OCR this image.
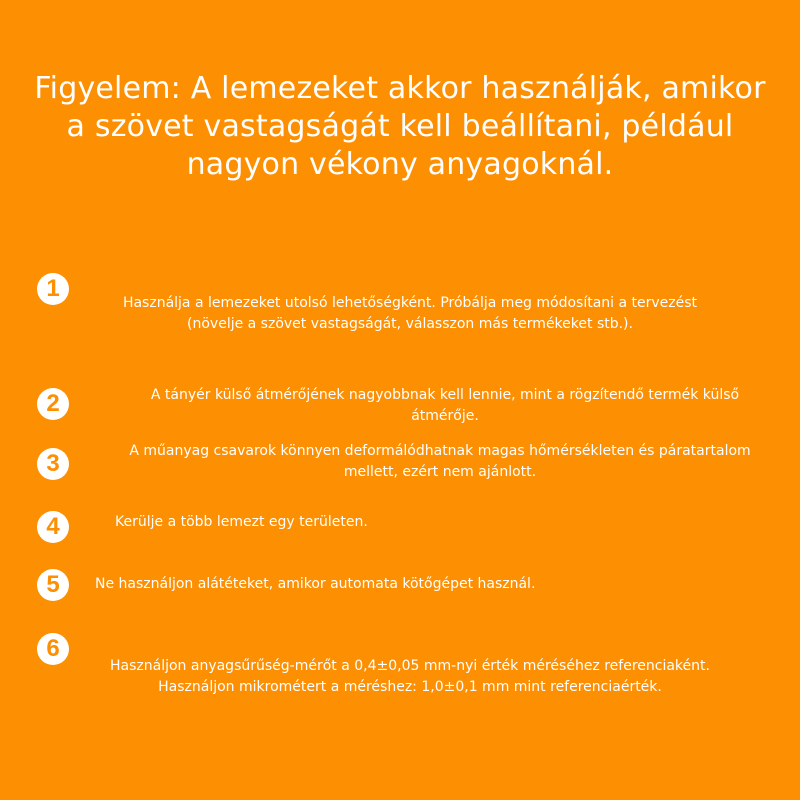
Figyelem: A lemezeket akkor használják, amikor a szövet vastagságát kell beállítani, például nagyon vékony anyagoknál.
1
Használja a lemezeket utolsó lehetőségként. Próbálja meg módosítani a tervezést
(növelje a szövet vastagságát, válasszon más termékeket stb.).
2	A tányér külső átmérőjének nagyobbnak kell lennie, mint a rögzítendő termék külső
átmérője.
3	A műanyag csavarok könnyen deformálódhatnak magas hőmérsékleten és páratartalom
mellett, ezért nem ajánlott.
4	Kerülje a több lemezt egy területen.
5	Ne használjon alátéteket, amikor automata kötőgépet használ.
6
Használjon anyagsűrűség-mérőt a 0,4±0,05 mm-nyi érték méréséhez referenciaként.
Használjon mikrométert a méréshez: 1,0±0,1 mm mint referenciaérték.
